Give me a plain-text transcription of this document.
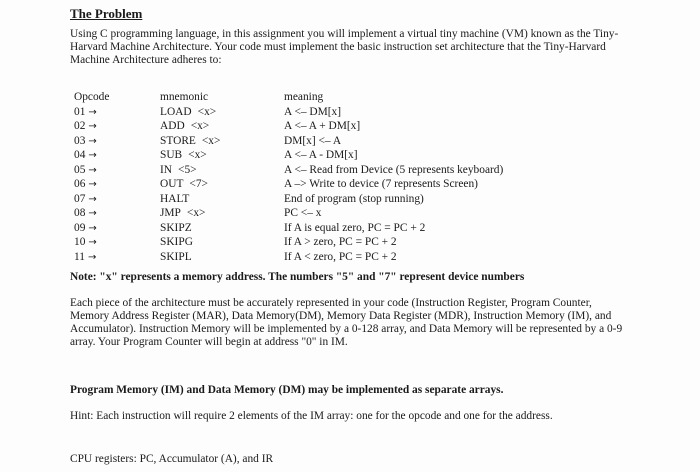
The Problem

Using C programming language, in this assignment you will implement a virtual tiny machine (VM) known as the Tiny-Harvard Machine Architecture. Your code must implement the basic instruction set architecture that the Tiny-Harvard Machine Architecture adheres to:

Opcode	mnemonic	meaning
01 →	LOAD <x>	A <– DM[x]
02 →	ADD <x>	A <– A + DM[x]
03 →	STORE <x>	DM[x] <– A
04 →	SUB <x>	A <– A - DM[x]
05 →	IN <5>	A <– Read from Device (5 represents keyboard)
06 →	OUT <7>	A –> Write to device (7 represents Screen)
07 →	HALT	End of program (stop running)
08 →	JMP <x>	PC <– x
09 →	SKIPZ	If A is equal zero, PC = PC + 2
10 →	SKIPG	If A > zero, PC = PC + 2
11 →	SKIPL	If A < zero, PC = PC + 2

Note: "x" represents a memory address. The numbers "5" and "7" represent device numbers

Each piece of the architecture must be accurately represented in your code (Instruction Register, Program Counter, Memory Address Register (MAR), Data Memory(DM), Memory Data Register (MDR), Instruction Memory (IM), and Accumulator). Instruction Memory will be implemented by a 0-128 array, and Data Memory will be represented by a 0-9 array. Your Program Counter will begin at address "0" in IM.

Program Memory (IM) and Data Memory (DM) may be implemented as separate arrays.

Hint: Each instruction will require 2 elements of the IM array: one for the opcode and one for the address.

CPU registers: PC, Accumulator (A), and IR
